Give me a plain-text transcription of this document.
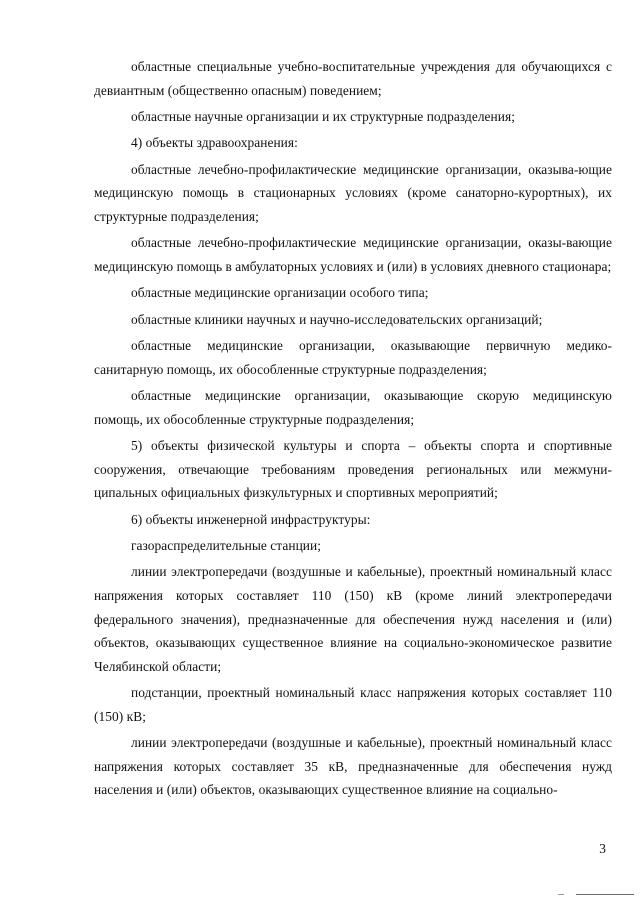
областные специальные учебно-воспитательные учреждения для обучающихся с девиантным (общественно опасным) поведением;

областные научные организации и их структурные подразделения;

4) объекты здравоохранения:

областные лечебно-профилактические медицинские организации, оказыва-ющие медицинскую помощь в стационарных условиях (кроме санаторно-курортных), их структурные подразделения;

областные лечебно-профилактические медицинские организации, оказы-вающие медицинскую помощь в амбулаторных условиях и (или) в условиях дневного стационара;

областные медицинские организации особого типа;

областные клиники научных и научно-исследовательских организаций;

областные медицинские организации, оказывающие первичную медико-санитарную помощь, их обособленные структурные подразделения;

областные медицинские организации, оказывающие скорую медицинскую помощь, их обособленные структурные подразделения;

5) объекты физической культуры и спорта – объекты спорта и спортивные сооружения, отвечающие требованиям проведения региональных или межмуни-ципальных официальных физкультурных и спортивных мероприятий;

6) объекты инженерной инфраструктуры:

газораспределительные станции;

линии электропередачи (воздушные и кабельные), проектный номинальный класс напряжения которых составляет 110 (150) кВ (кроме линий электропередачи федерального значения), предназначенные для обеспечения нужд населения и (или) объектов, оказывающих существенное влияние на социально-экономическое развитие Челябинской области;

подстанции, проектный номинальный класс напряжения которых составляет 110 (150) кВ;

линии электропередачи (воздушные и кабельные), проектный номинальный класс напряжения которых составляет 35 кВ, предназначенные для обеспечения нужд населения и (или) объектов, оказывающих существенное влияние на социально-

3
